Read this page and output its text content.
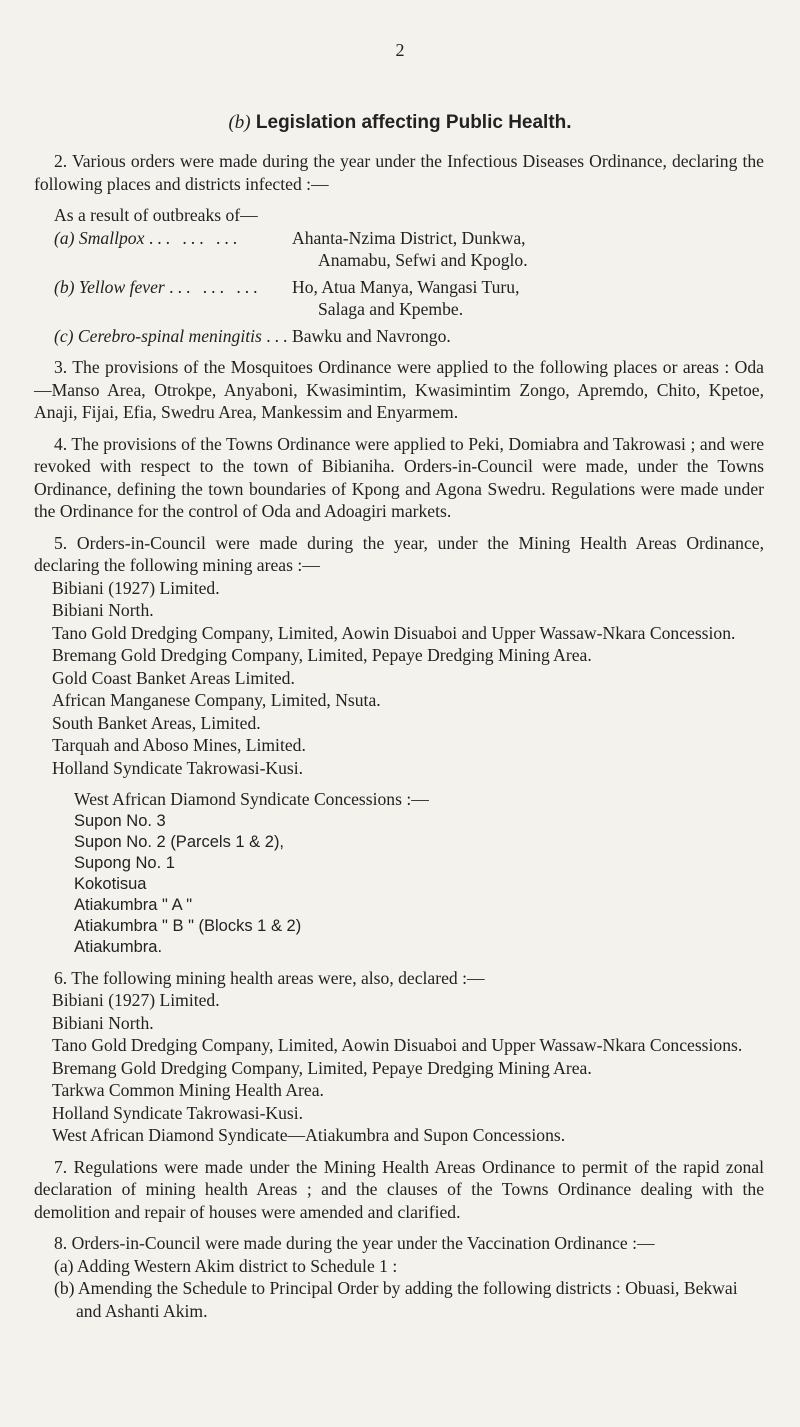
2
(b) Legislation affecting Public Health.

2. Various orders were made during the year under the Infectious Diseases Ordinance, declaring the following places and districts infected :—

As a result of outbreaks of—
(a) Smallpox ... ... ...	Ahanta-Nzima District, Dunkwa,
Anamabu, Sefwi and Kpoglo.
(b) Yellow fever ... ... ...	Ho, Atua Manya, Wangasi Turu,
Salaga and Kpembe.
(c) Cerebro-spinal meningitis ... Bawku and Navrongo.

3. The provisions of the Mosquitoes Ordinance were applied to the following places or areas : Oda—Manso Area, Otrokpe, Anyaboni, Kwasimintim, Kwasimintim Zongo, Apremdo, Chito, Kpetoe, Anaji, Fijai, Efia, Swedru Area, Mankessim and Enyarmem.

4. The provisions of the Towns Ordinance were applied to Peki, Domiabra and Takrowasi ; and were revoked with respect to the town of Bibianiha. Orders-in-Council were made, under the Towns Ordinance, defining the town boundaries of Kpong and Agona Swedru. Regulations were made under the Ordinance for the control of Oda and Adoagiri markets.

5. Orders-in-Council were made during the year, under the Mining Health Areas Ordinance, declaring the following mining areas :—

Bibiani (1927) Limited.
Bibiani North.
Tano Gold Dredging Company, Limited, Aowin Disuaboi and Upper Wassaw-Nkara Concession.
Bremang Gold Dredging Company, Limited, Pepaye Dredging Mining Area.
Gold Coast Banket Areas Limited.
African Manganese Company, Limited, Nsuta.
South Banket Areas, Limited.
Tarquah and Aboso Mines, Limited.
Holland Syndicate Takrowasi-Kusi.
West African Diamond Syndicate Concessions :—
Supon No. 3
Supon No. 2 (Parcels 1 & 2),
Supong No. 1
Kokotisua
Atiakumbra " A "
Atiakumbra " B " (Blocks 1 & 2)
Atiakumbra.

6. The following mining health areas were, also, declared :—

Bibiani (1927) Limited.
Bibiani North.
Tano Gold Dredging Company, Limited, Aowin Disuaboi and Upper Wassaw-Nkara Concessions.
Bremang Gold Dredging Company, Limited, Pepaye Dredging Mining Area.
Tarkwa Common Mining Health Area.
Holland Syndicate Takrowasi-Kusi.
West African Diamond Syndicate—Atiakumbra and Supon Concessions.

7. Regulations were made under the Mining Health Areas Ordinance to permit of the rapid zonal declaration of mining health Areas ; and the clauses of the Towns Ordinance dealing with the demolition and repair of houses were amended and clarified.

8. Orders-in-Council were made during the year under the Vaccination Ordinance :—

(a) Adding Western Akim district to Schedule 1 :
(b) Amending the Schedule to Principal Order by adding the following districts : Obuasi, Bekwai and Ashanti Akim.
